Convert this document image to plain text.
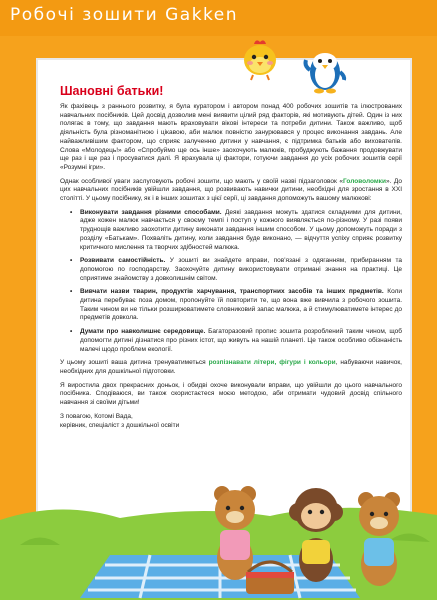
Робочі зошити Gakken
Шановні батьки!

Як фахівець з раннього розвитку, я була куратором і автором понад 400 робочих зошитів та ілюстрованих навчальних посібників. Цей досвід дозволив мені виявити цілий ряд факторів, які мотивують дітей. Один із них полягає в тому, що завдання мають враховувати вікові інтереси та потреби дитини. Також важливо, щоб діяльність була різноманітною і цікавою, аби малюк повністю занурювався у процес виконання завдань. Але найважливішим фактором, що сприяє залученню дитини у навчання, є підтримка батьків або вихователів. Слова «Молодець!» або «Спробуймо ще ось інше» заохочують малюків, пробуджують бажання продовжувати ще раз і ще раз і просуватися далі. Я врахувала ці фактори, готуючи завдання до усіх робочих зошитів серії «Розумні ігри».

Однак особливої уваги заслуговують робочі зошити, що мають у своїй назві підзаголовок «Головоломки». До цих навчальних посібників увійшли завдання, що розвивають навички дитини, необхідні для зростання в XXI столітті. У цьому посібнику, як і в інших зошитах з цієї серії, ці завдання допоможуть вашому малюкові:

• Виконувати завдання різними способами. Деякі завдання можуть здатися складними для дитини, адже кожен малюк навчається у своєму темпі і поступ у кожного виявляється по-різному. У разі появи труднощів важливо заохотити дитину виконати завдання іншим способом. У цьому допоможуть поради з розділу «Батькам». Похваліть дитину, коли завдання буде виконано, — відчуття успіху сприяє розвитку критичного мислення та творчих здібностей малюка.
• Розвивати самостійність. У зошиті ви знайдете вправи, пов'язані з одяганням, прибиранням та допомогою по господарству. Заохочуйте дитину використовувати отримані знання на практиці. Це сприятиме знайомству з довколишнім світом.
• Вивчати назви тварин, продуктів харчування, транспортних засобів та інших предметів. Коли дитина перебуває поза домом, пропонуйте їй повторити те, що вона вже вивчила з робочого зошита. Таким чином ви не тільки розширюватимете словниковий запас малюка, а й стимулюватимете інтерес до предметів довкола.
• Думати про навколишнє середовище. Багаторазовий пропис зошита розроблений таким чином, щоб допомогти дитині дізнатися про різних істот, що живуть на нашій планеті. Це також особливо обізнаність малечі щодо проблем екології.

У цьому зошиті ваша дитина тренуватиметься розпізнавати літери, фігури і кольори, набуваючи навичок, необхідних для дошкільної підготовки.

Я виростила двох прекрасних доньок, і обидві охоче виконували вправи, що увійшли до цього навчального посібника. Сподіваюся, ви також скористаєтеся моєю методою, аби отримати чудовий досвід спільного навчання зі своїми дітьми!

З повагою, Котомі Вада,
керівник, спеціаліст з дошкільної освіти
